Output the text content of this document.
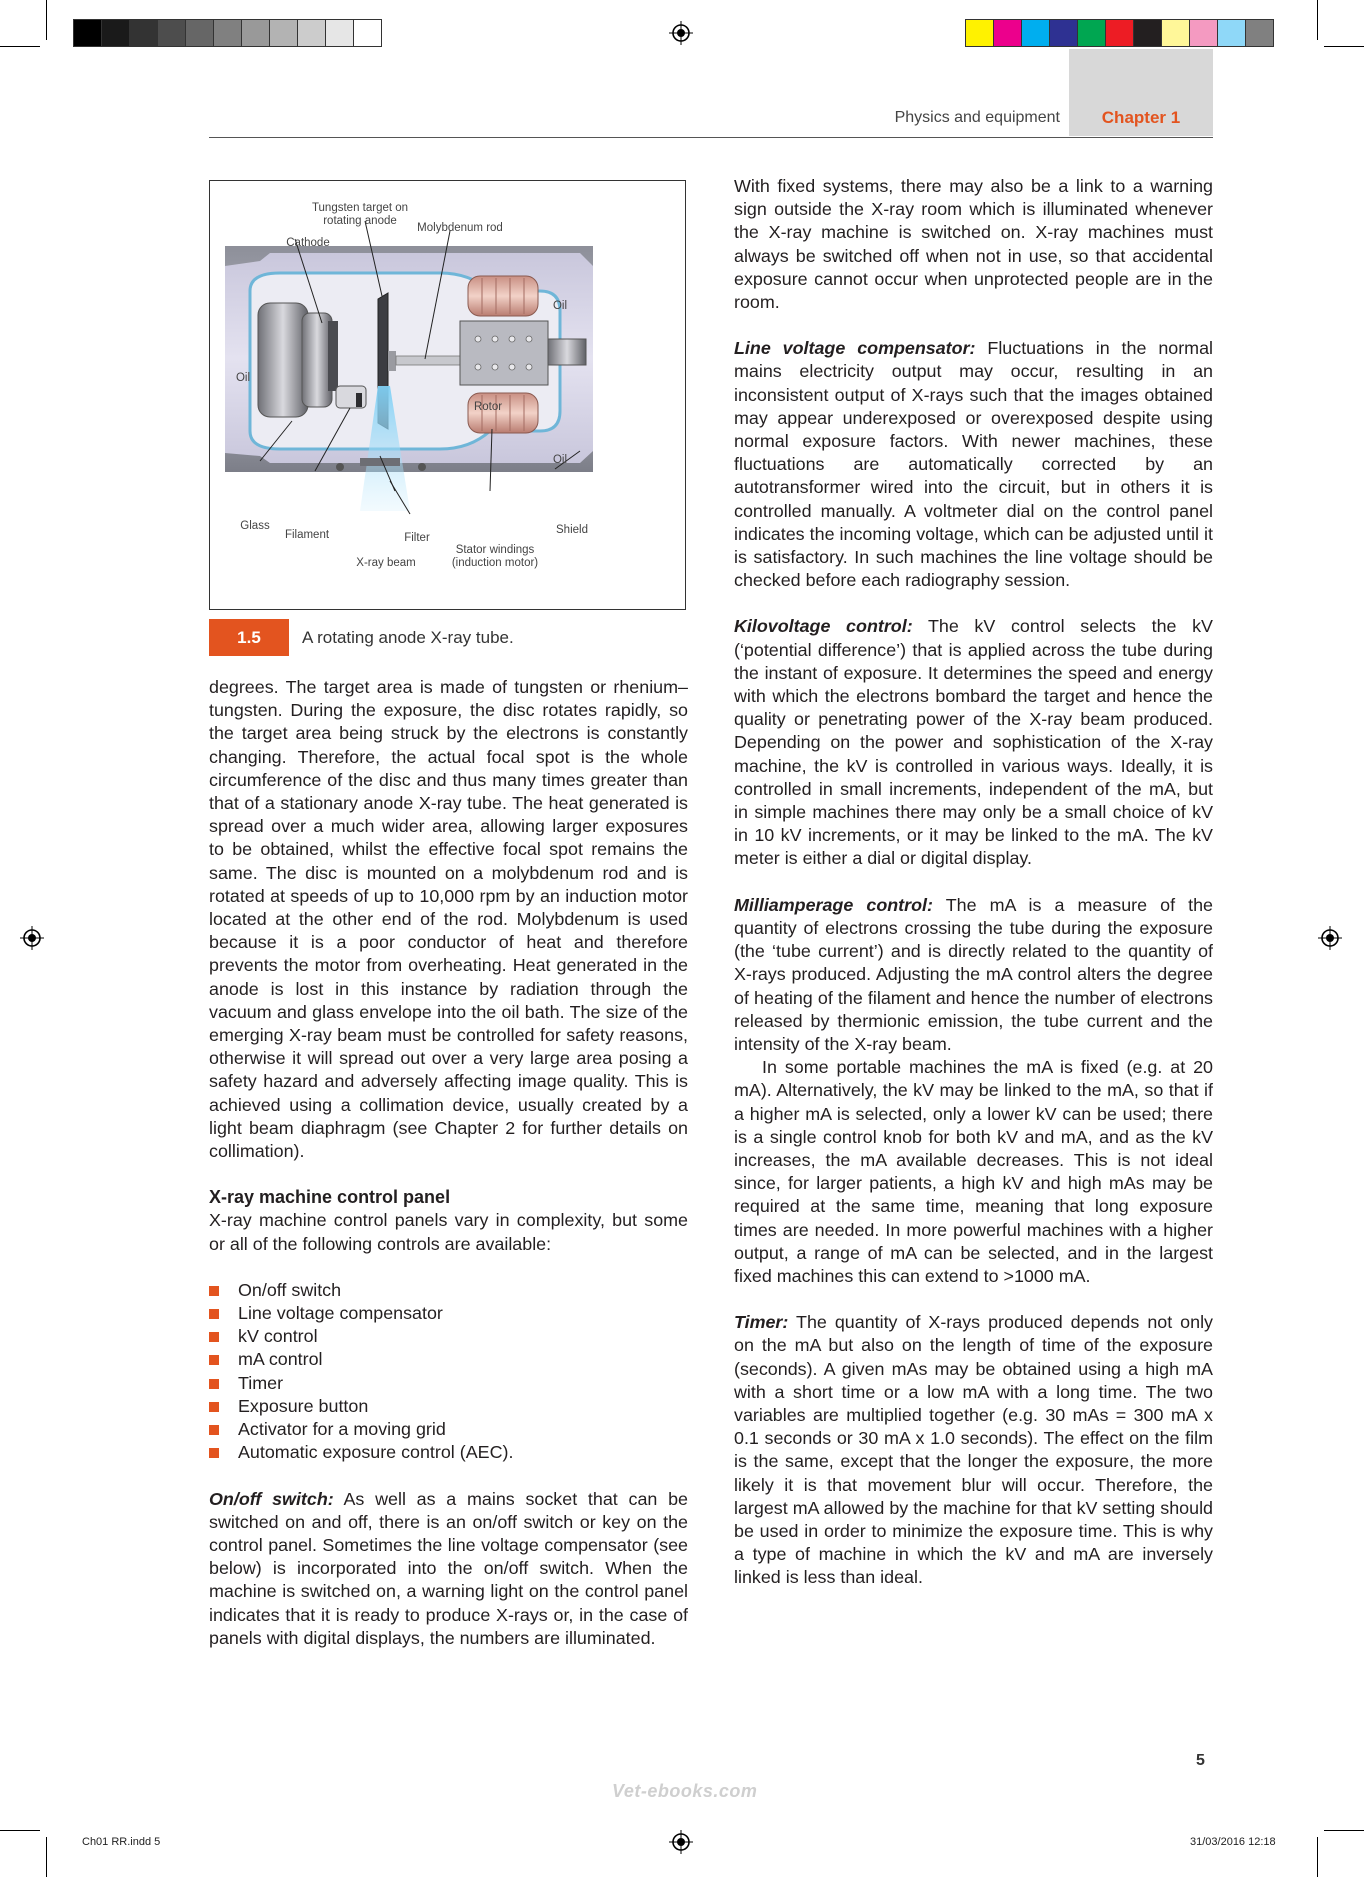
Physics and equipment	Chapter 1
Tungsten target on
rotating anode
Cathode
Molybdenum rod
Oil
Oil
Oil
Rotor
Glass
Filament	Filter
X-ray beam
Stator windings
(induction motor)
Shield
1.5	A rotating anode X-ray tube.

degrees. The target area is made of tungsten or rhenium–tungsten. During the exposure, the disc rotates rapidly, so the target area being struck by the electrons is constantly changing. Therefore, the actual focal spot is the whole circumference of the disc and thus many times greater than that of a stationary anode X-ray tube. The heat generated is spread over a much wider area, allowing larger exposures to be obtained, whilst the effective focal spot remains the same. The disc is mounted on a molybdenum rod and is rotated at speeds of up to 10,000 rpm by an induction motor located at the other end of the rod. Molybdenum is used because it is a poor conductor of heat and therefore prevents the motor from overheating. Heat generated in the anode is lost in this instance by radiation through the vacuum and glass envelope into the oil bath. The size of the emerging X-ray beam must be controlled for safety reasons, otherwise it will spread out over a very large area posing a safety hazard and adversely affecting image quality. This is achieved using a collimation device, usually created by a light beam diaphragm (see Chapter 2 for further details on collimation).

X-ray machine control panel

X-ray machine control panels vary in complexity, but some or all of the following controls are available:

On/off switch
Line voltage compensator
kV control
mA control
Timer
Exposure button
Activator for a moving grid
Automatic exposure control (AEC).

On/off switch: As well as a mains socket that can be switched on and off, there is an on/off switch or key on the control panel. Sometimes the line voltage compensator (see below) is incorporated into the on/off switch. When the machine is switched on, a warning light on the control panel indicates that it is ready to produce X-rays or, in the case of panels with digital displays, the numbers are illuminated.

With fixed systems, there may also be a link to a warning sign outside the X-ray room which is illuminated whenever the X-ray machine is switched on. X-ray machines must always be switched off when not in use, so that accidental exposure cannot occur when unprotected people are in the room.

Line voltage compensator: Fluctuations in the normal mains electricity output may occur, resulting in an inconsistent output of X-rays such that the images obtained may appear underexposed or overexposed despite using normal exposure factors. With newer machines, these fluctuations are automatically corrected by an autotransformer wired into the circuit, but in others it is controlled manually. A voltmeter dial on the control panel indicates the incoming voltage, which can be adjusted until it is satisfactory. In such machines the line voltage should be checked before each radiography session.

Kilovoltage control: The kV control selects the kV (‘potential difference’) that is applied across the tube during the instant of exposure. It determines the speed and energy with which the electrons bombard the target and hence the quality or penetrating power of the X-ray beam produced. Depending on the power and sophistication of the X-ray machine, the kV is controlled in various ways. Ideally, it is controlled in small increments, independent of the mA, but in simple machines there may only be a small choice of kV in 10 kV increments, or it may be linked to the mA. The kV meter is either a dial or digital display.

Milliamperage control: The mA is a measure of the quantity of electrons crossing the tube during the exposure (the ‘tube current’) and is directly related to the quantity of X-rays produced. Adjusting the mA control alters the degree of heating of the filament and hence the number of electrons released by thermionic emission, the tube current and the intensity of the X-ray beam.

In some portable machines the mA is fixed (e.g. at 20 mA). Alternatively, the kV may be linked to the mA, so that if a higher mA is selected, only a lower kV can be used; there is a single control knob for both kV and mA, and as the kV increases, the mA available decreases. This is not ideal since, for larger patients, a high kV and high mAs may be required at the same time, meaning that long exposure times are needed. In more powerful machines with a higher output, a range of mA can be selected, and in the largest fixed machines this can extend to >1000 mA.

Timer: The quantity of X-rays produced depends not only on the mA but also on the length of time of the exposure (seconds). A given mAs may be obtained using a high mA with a short time or a low mA with a long time. The two variables are multiplied together (e.g. 30 mAs = 300 mA x 0.1 seconds or 30 mA x 1.0 seconds). The effect on the film is the same, except that the longer the exposure, the more likely it is that movement blur will occur. Therefore, the largest mA allowed by the machine for that kV setting should be used in order to minimize the exposure time. This is why a type of machine in which the kV and mA are inversely linked is less than ideal.

5
Vet-ebooks.com
Ch01 RR.indd 5	31/03/2016 12:18
